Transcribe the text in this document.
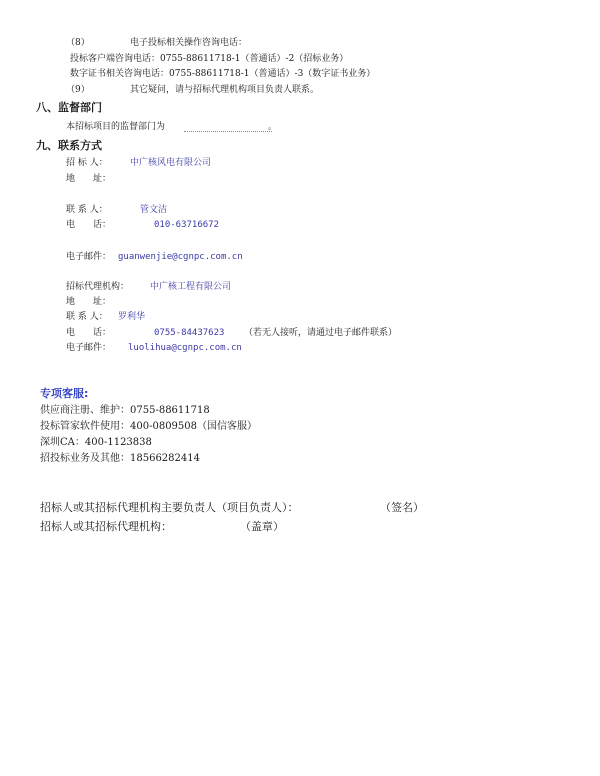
（8）	电子投标相关操作咨询电话：
投标客户端咨询电话：0755-88611718-1（普通话）-2（招标业务）
数字证书相关咨询电话：0755-88611718-1（普通话）-3（数字证书业务）
（9）	其它疑问，请与招标代理机构项目负责人联系。
八、监督部门
本招标项目的监督部门为	。
九、联系方式
招 标 人： 中广核风电有限公司
地　　址：
联 系 人：	管文洁
电　　话：	010-63716672
电子邮件： guanwenjie@cgnpc.com.cn
招标代理机构： 中广核工程有限公司
地　　址：
联 系 人： 罗利华
电　　话：	0755-84437623 （若无人接听，请通过电子邮件联系）
电子邮件： luolihua@cgnpc.com.cn
专项客服:
供应商注册、维护：0755-88611718
投标管家软件使用：400-0809508（国信客服）
深圳CA：400-1123838
招投标业务及其他：18566282414
招标人或其招标代理机构主要负责人（项目负责人）：	（签名）
招标人或其招标代理机构：	（盖章）
